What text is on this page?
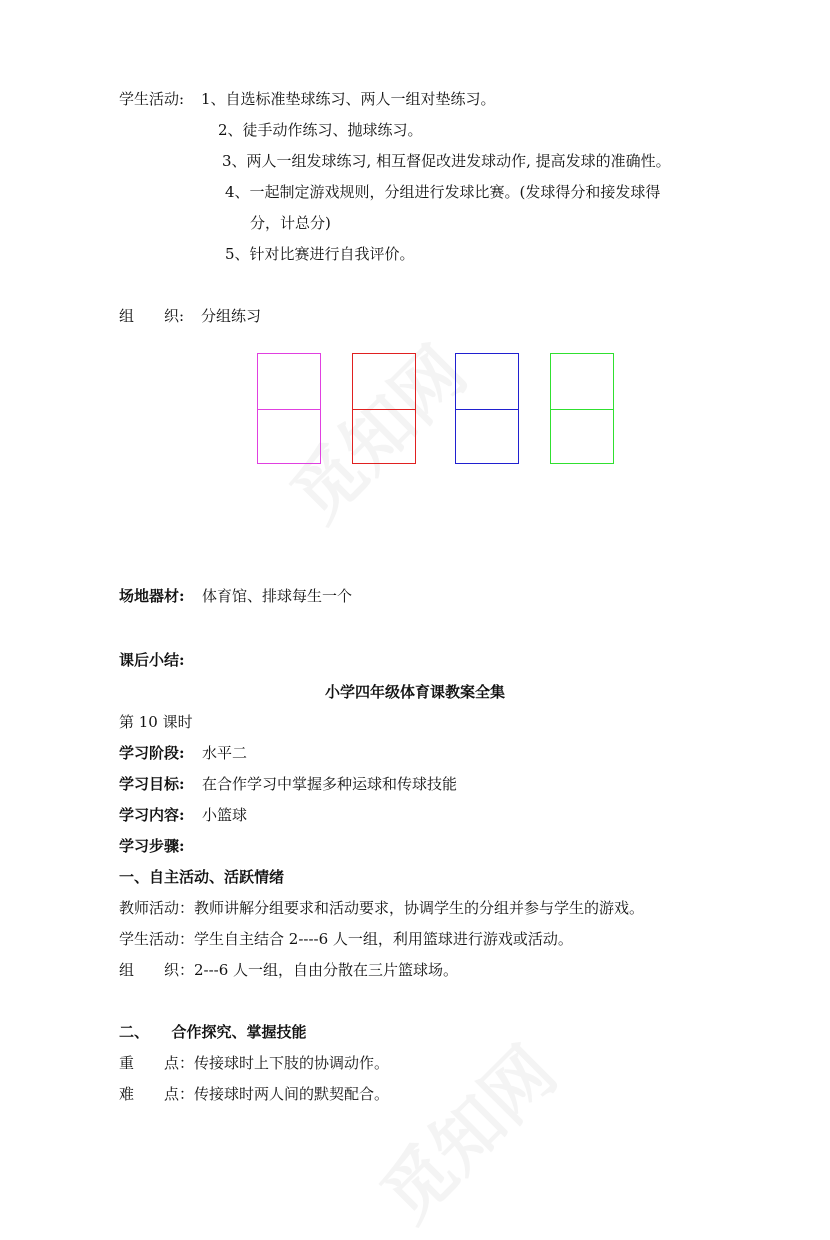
学生活动: 1、自选标准垫球练习、两人一组对垫练习。
2、徒手动作练习、抛球练习。
3、两人一组发球练习, 相互督促改进发球动作, 提高发球的准确性。
4、一起制定游戏规则，分组进行发球比赛。(发球得分和接发球得
分，计总分)
5、针对比赛进行自我评价。
组　　织: 分组练习
场地器材: 体育馆、排球每生一个
课后小结:
小学四年级体育课教案全集
第 10 课时
学习阶段: 水平二
学习目标: 在合作学习中掌握多种运球和传球技能
学习内容: 小篮球
学习步骤:
一、自主活动、活跃情绪
教师活动：教师讲解分组要求和活动要求，协调学生的分组并参与学生的游戏。
学生活动：学生自主结合 2----6 人一组，利用篮球进行游戏或活动。
组　　织：2---6 人一组，自由分散在三片篮球场。
二、　　合作探究、掌握技能
重　　点：传接球时上下肢的协调动作。
难　　点：传接球时两人间的默契配合。
